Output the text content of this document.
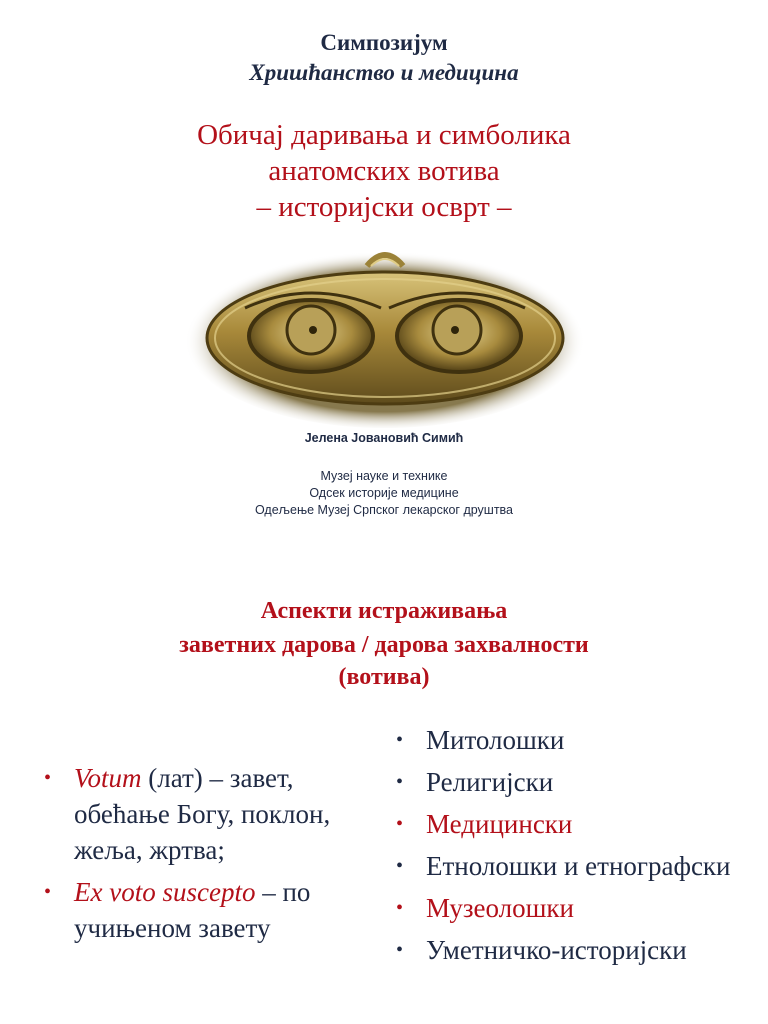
Симпозијум
Хришћанство и медицина
Обичај даривања и симболика
анатомских вотива
– историјски осврт –
Јелена Јовановић Симић
Музеј науке и технике
Одсек историје медицине
Одељење Музеј Српског лекарског друштва
Аспекти истраживања
заветних дарова / дарова захвалности
(вотива)
• Votum (лат) – завет, обећање Богу, поклон, жеља, жртва;
• Ex voto suscepto – по учињеном завету
• Митолошки
• Религијски
• Медицински
• Етнолошки и етнографски
• Музеолошки
• Уметничко-историјски
